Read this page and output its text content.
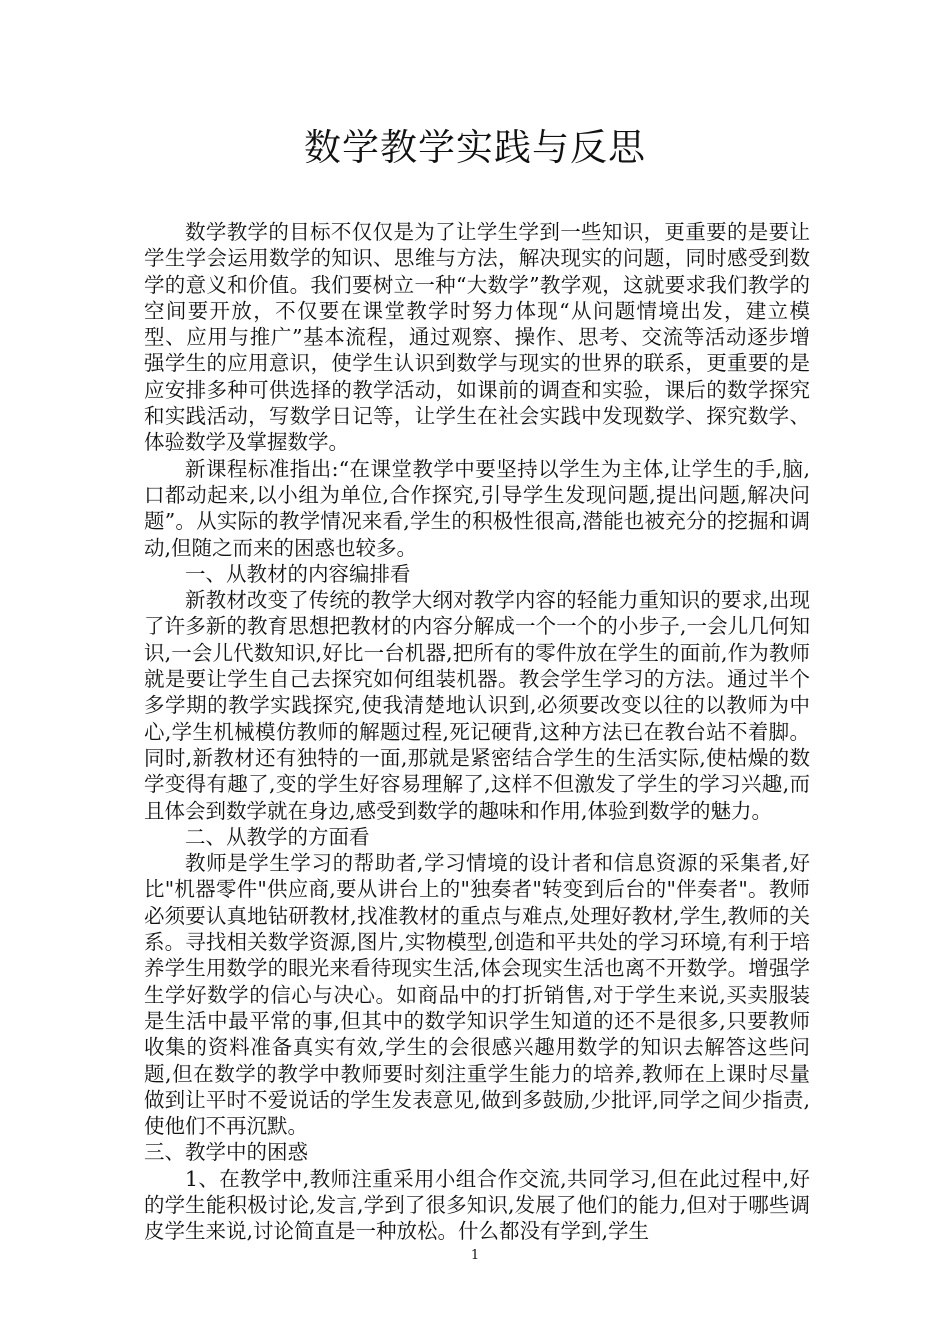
数学教学实践与反思

数学教学的目标不仅仅是为了让学生学到一些知识，更重要的是要让学生学会运用数学的知识、思维与方法，解决现实的问题，同时感受到数学的意义和价值。我们要树立一种“大数学”教学观，这就要求我们教学的空间要开放，不仅要在课堂教学时努力体现“从问题情境出发，建立模型、应用与推广”基本流程，通过观察、操作、思考、交流等活动逐步增强学生的应用意识，使学生认识到数学与现实的世界的联系，更重要的是应安排多种可供选择的教学活动，如课前的调查和实验，课后的数学探究和实践活动，写数学日记等，让学生在社会实践中发现数学、探究数学、体验数学及掌握数学。

新课程标准指出:“在课堂教学中要坚持以学生为主体,让学生的手,脑,口都动起来,以小组为单位,合作探究,引导学生发现问题,提出问题,解决问题”。从实际的教学情况来看,学生的积极性很高,潜能也被充分的挖掘和调动,但随之而来的困惑也较多。

一、从教材的内容编排看

新教材改变了传统的教学大纲对教学内容的轻能力重知识的要求,出现了许多新的教育思想把教材的内容分解成一个一个的小步子,一会儿几何知识,一会儿代数知识,好比一台机器,把所有的零件放在学生的面前,作为教师就是要让学生自己去探究如何组装机器。教会学生学习的方法。通过半个多学期的教学实践探究,使我清楚地认识到,必须要改变以往的以教师为中心,学生机械模仿教师的解题过程,死记硬背,这种方法已在教台站不着脚。同时,新教材还有独特的一面,那就是紧密结合学生的生活实际,使枯燥的数学变得有趣了,变的学生好容易理解了,这样不但激发了学生的学习兴趣,而且体会到数学就在身边,感受到数学的趣味和作用,体验到数学的魅力。

二、从教学的方面看

教师是学生学习的帮助者,学习情境的设计者和信息资源的采集者,好比"机器零件"供应商,要从讲台上的"独奏者"转变到后台的"伴奏者"。教师必须要认真地钻研教材,找准教材的重点与难点,处理好教材,学生,教师的关系。寻找相关数学资源,图片,实物模型,创造和平共处的学习环境,有利于培养学生用数学的眼光来看待现实生活,体会现实生活也离不开数学。增强学生学好数学的信心与决心。如商品中的打折销售,对于学生来说,买卖服装是生活中最平常的事,但其中的数学知识学生知道的还不是很多,只要教师收集的资料准备真实有效,学生的会很感兴趣用数学的知识去解答这些问题,但在数学的教学中教师要时刻注重学生能力的培养,教师在上课时尽量做到让平时不爱说话的学生发表意见,做到多鼓励,少批评,同学之间少指责,使他们不再沉默。

三、教学中的困惑

1、在教学中,教师注重采用小组合作交流,共同学习,但在此过程中,好的学生能积极讨论,发言,学到了很多知识,发展了他们的能力,但对于哪些调皮学生来说,讨论简直是一种放松。什么都没有学到,学生

1
